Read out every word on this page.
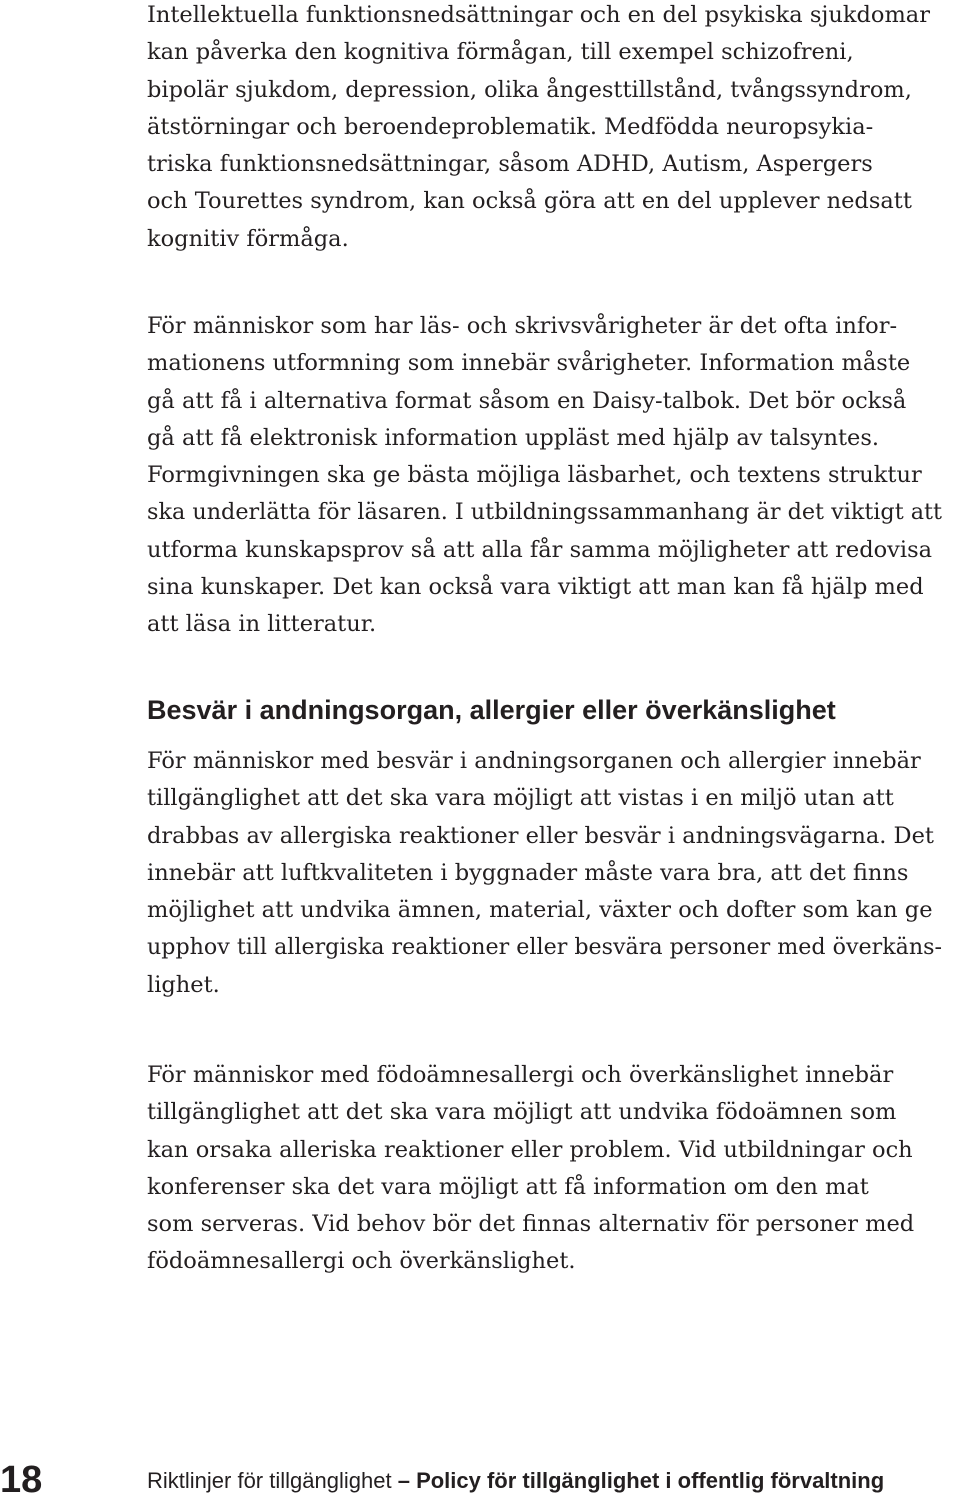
Intellektuella funktionsnedsättningar och en del psykiska sjukdomar
kan påverka den kognitiva förmågan, till exempel schizofreni,
bipolär sjukdom, depression, olika ångesttillstånd, tvångssyndrom,
ätstörningar och beroendeproblematik. Medfödda neuropsykia-
triska funktionsnedsättningar, såsom ADHD, Autism, Aspergers
och Tourettes syndrom, kan också göra att en del upplever nedsatt
kognitiv förmåga.

För människor som har läs- och skrivsvårigheter är det ofta infor-
mationens utformning som innebär svårigheter. Information måste
gå att få i alternativa format såsom en Daisy-talbok. Det bör också
gå att få elektronisk information uppläst med hjälp av talsyntes.
Formgivningen ska ge bästa möjliga läsbarhet, och textens struktur
ska underlätta för läsaren. I utbildningssammanhang är det viktigt att
utforma kunskapsprov så att alla får samma möjligheter att redovisa
sina kunskaper. Det kan också vara viktigt att man kan få hjälp med
att läsa in litteratur.

Besvär i andningsorgan, allergier eller överkänslighet

För människor med besvär i andningsorganen och allergier innebär
tillgänglighet att det ska vara möjligt att vistas i en miljö utan att
drabbas av allergiska reaktioner eller besvär i andningsvägarna. Det
innebär att luftkvaliteten i byggnader måste vara bra, att det finns
möjlighet att undvika ämnen, material, växter och dofter som kan ge
upphov till allergiska reaktioner eller besvära personer med överkäns-
lighet.

För människor med födoämnesallergi och överkänslighet innebär
tillgänglighet att det ska vara möjligt att undvika födoämnen som
kan orsaka alleriska reaktioner eller problem. Vid utbildningar och
konferenser ska det vara möjligt att få information om den mat
som serveras. Vid behov bör det finnas alternativ för personer med
födoämnesallergi och överkänslighet.

18	Riktlinjer för tillgänglighet – Policy för tillgänglighet i offentlig förvaltning
